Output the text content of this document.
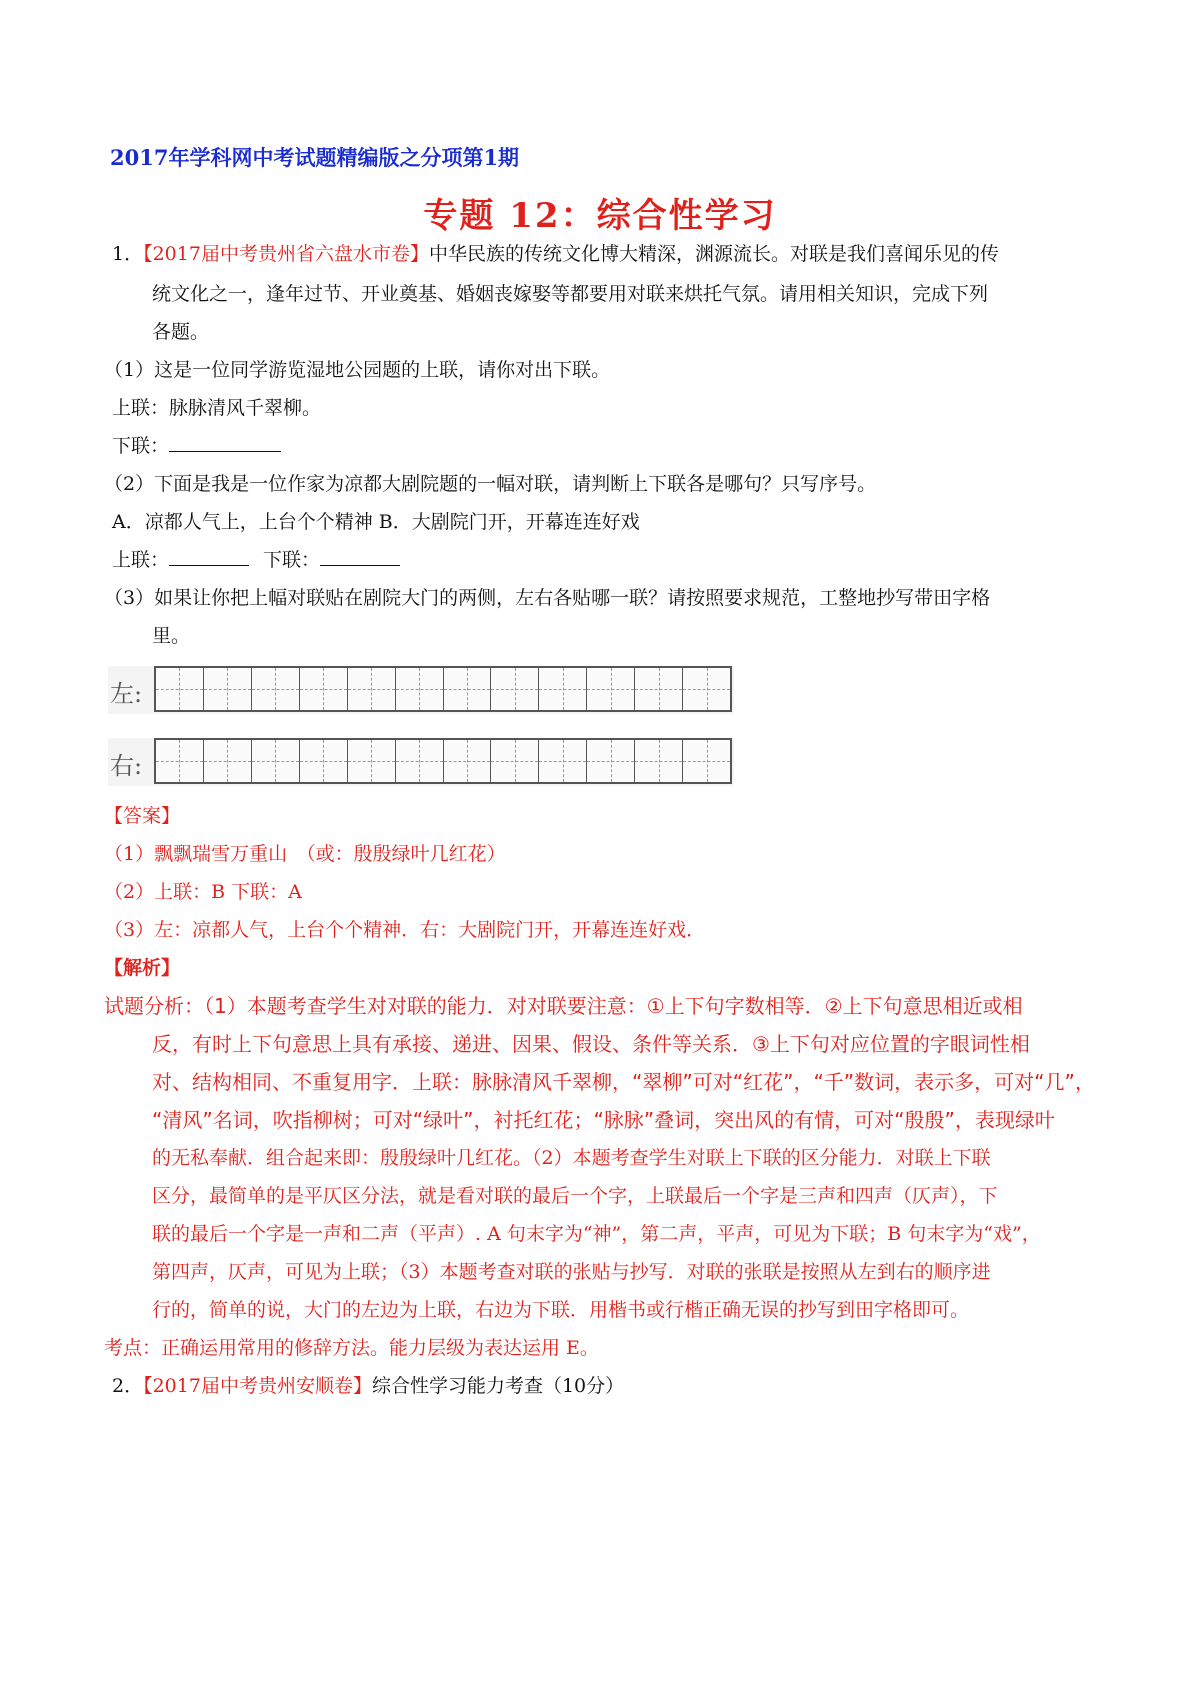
2017年学科网中考试题精编版之分项第1期
专题 12：综合性学习
1．【2017届中考贵州省六盘水市卷】中华民族的传统文化博大精深，渊源流长。对联是我们喜闻乐见的传
统文化之一，逢年过节、开业奠基、婚姻丧嫁娶等都要用对联来烘托气氛。请用相关知识，完成下列
各题。
（1）这是一位同学游览湿地公园题的上联，请你对出下联。
上联：脉脉清风千翠柳。
下联：
（2）下面是我是一位作家为凉都大剧院题的一幅对联，请判断上下联各是哪句？只写序号。
A．凉都人气上，上台个个精神 B．大剧院门开，开幕连连好戏
上联：	下联：
（3）如果让你把上幅对联贴在剧院大门的两侧，左右各贴哪一联？请按照要求规范，工整地抄写带田字格
里。
左:
右:
【答案】
（1）飘飘瑞雪万重山　（或：殷殷绿叶几红花）
（2）上联：B 下联：A
（3）左：凉都人气，上台个个精神．右：大剧院门开，开幕连连好戏．
【解析】
试题分析：（1）本题考查学生对对联的能力．对对联要注意：①上下句字数相等．②上下句意思相近或相
反，有时上下句意思上具有承接、递进、因果、假设、条件等关系．③上下句对应位置的字眼词性相
对、结构相同、不重复用字．上联：脉脉清风千翠柳，“翠柳”可对“红花”，“千”数词，表示多，可对“几”，
“清风”名词，吹指柳树；可对“绿叶”，衬托红花；“脉脉”叠词，突出风的有情，可对“殷殷”，表现绿叶
的无私奉献．组合起来即：殷殷绿叶几红花。（2）本题考查学生对联上下联的区分能力．对联上下联
区分，最简单的是平仄区分法，就是看对联的最后一个字，上联最后一个字是三声和四声（仄声），下
联的最后一个字是一声和二声（平声）. A 句末字为“神”，第二声，平声，可见为下联；B 句末字为“戏”，
第四声，仄声，可见为上联；（3）本题考查对联的张贴与抄写．对联的张联是按照从左到右的顺序进
行的，简单的说，大门的左边为上联，右边为下联．用楷书或行楷正确无误的抄写到田字格即可。
考点：正确运用常用的修辞方法。能力层级为表达运用 E。
2．【2017届中考贵州安顺卷】综合性学习能力考查（10分）
